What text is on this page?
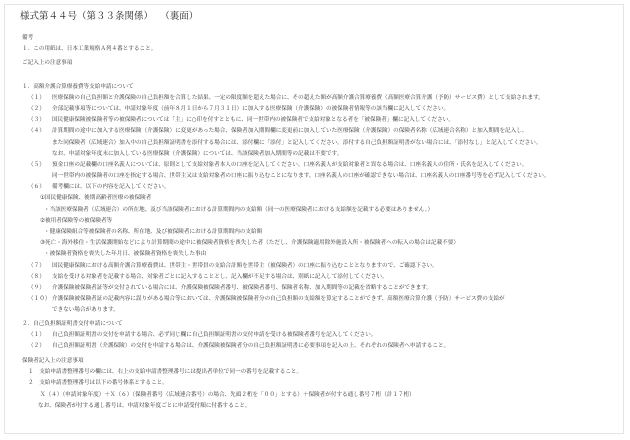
様式第４４号（第３３条関係） （裏面）
備考
１．この用紙は、日本工業規格Ａ列４番とすること。
ご記入上の注意事項
１．高額介護合算療養費等支給申請について
（１）	医療保険の自己負担額と介護保険の自己負担額を合算した結果、一定の限度額を超えた場合に、その超えた額が高額介護合算療養費（高額医療合算介護（予防）サービス費）として支給されます。
（２）	全部記載事項等については、申請対象年度（前年８月１日から７月３１日）に加入する医療保険（介護保険）の被保険者情報等の該当欄に記入してください。
（３）	国民健康保険被保険者等の被保険者については「主」に○印を付すとともに、同一世帯内の被保険者で支給対象となる者を「被保険者」欄に記入してください。
（４）	計算期間の途中に加入する医療保険（介護保険）に変更があった場合、保険者加入期間欄に変更前に加入していた医療保険（介護保険）の保険者名称（広域連合名称）と加入期間を記入し、
また同保険者（広域連合）加入中の自己負担額証明書を添付する場合には、添付欄に「添付」と記入してください。添付する自己負担額証明書がない場合には、「添付なし」と記入してください。
なお、申請対象年度末に加入している医療保険（介護保険）については、当該保険者加入期間等の記載は不要です。
（５）	預金口座の記載欄の口座名義人については、原則として支給対象者本人の口座を記入してください。口座名義人が支給対象者と異なる場合は、口座名義人の住所・氏名を記入してください。
同一世帯内の被保険者の口座を指定する場合、世帯主又は支給対象者の口座に振り込むことになります。口座名義人の口座が確認できない場合は、口座名義人の口座番号等を必ず記入してください。
（６）	備考欄には、以下の内容を記入してください。
①国民健康保険、後期高齢者医療の被保険者
・当該医療保険者（広域連合）の所在地、及び当該保険者における計算期間内の支給額（同一の医療保険者における支給額を記載する必要はありません。）
②被用者保険等の被保険者等
・健康保険組合等被保険者の名称、所在地、及び被保険者における計算期間内の支給額
③死亡・海外移住・生活保護開始などにより計算期間の途中に被保険者資格を喪失した者（ただし、介護保険適用除外施設入所・被保険者への転入の場合は記載不要）
・被保険者資格を喪失した年月日、被保険者資格を喪失した事由
（７）	国民健康保険における高額介護合算療養費は、世帯主・世帯員の支給合計額を世帯主（被保険者）の口座に振り込むこととなりますので、ご確認下さい。
（８）	支給を受ける対象者を記載する場合、対象者ごとに記入することとし、記入欄が不足する場合は、別紙に記入して添付してください。
（９）	介護保険被保険者証等が交付されている場合には、介護保険被保険者番号、被保険者番号、保険者名称、加入期間等の記載を省略することができます。
（１０） 介護保険被保険者証の記載内容に誤りがある場合等においては、介護保険被保険者分の自己負担額の支給額を算定することができず、高額医療合算介護（予防）サービス費の支給が
できない場合があります。
２．自己負担額証明書交付申請について
（１）	自己負担額証明書の交付を申請する場合、必ず同じ欄に自己負担額証明書の交付申請を受ける被保険者番号を記入してください。
（２）	自己負担額証明書（介護保険）の交付を申請する場合は、介護保険被保険者分の自己負担額証明書に必要事項を記入の上、それぞれの保険者へ申請すること。
保険者記入上の注意事項
１　支給申請書整理番号の欄には、右上の支給申請書整理番号には提出者単位で同一の番号を記載すること。
２　支給申請書整理番号は以下の番号体系とすること。
Ｘ（４）（申請対象年度）＋Ｘ（６）（保険者番号（広域連合番号）の場合、先頭２桁を「００」とする）＋保険者が付する通し番号７桁（計１７桁）
なお、保険者が付する通し番号は、申請対象年度ごとに申請受付順に付番すること。
